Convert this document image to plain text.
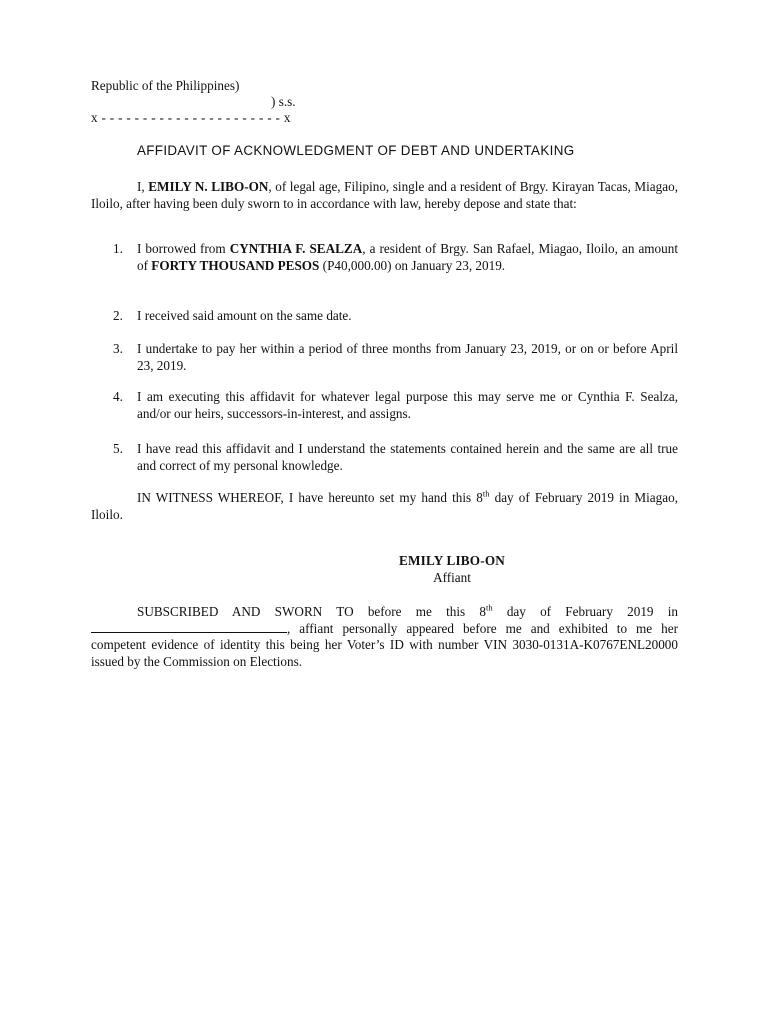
Republic of the Philippines)
) s.s.
x - - - - - - - - - - - - - - - - - - - - - - x
AFFIDAVIT OF ACKNOWLEDGMENT OF DEBT AND UNDERTAKING

I, EMILY N. LIBO-ON, of legal age, Filipino, single and a resident of Brgy. Kirayan Tacas, Miagao, Iloilo, after having been duly sworn to in accordance with law, hereby depose and state that:

1. I borrowed from CYNTHIA F. SEALZA, a resident of Brgy. San Rafael, Miagao, Iloilo, an amount of FORTY THOUSAND PESOS (P40,000.00) on January 23, 2019.
2. I received said amount on the same date.
3. I undertake to pay her within a period of three months from January 23, 2019, or on or before April 23, 2019.
4. I am executing this affidavit for whatever legal purpose this may serve me or Cynthia F. Sealza, and/or our heirs, successors-in-interest, and assigns.
5. I have read this affidavit and I understand the statements contained herein and the same are all true and correct of my personal knowledge.

IN WITNESS WHEREOF, I have hereunto set my hand this 8th day of February 2019 in Miagao, Iloilo.

EMILY LIBO-ON
Affiant

SUBSCRIBED AND SWORN TO before me this 8th day of February 2019 in , affiant personally appeared before me and exhibited to me her competent evidence of identity this being her Voter’s ID with number VIN 3030-0131A-K0767ENL20000 issued by the Commission on Elections.
